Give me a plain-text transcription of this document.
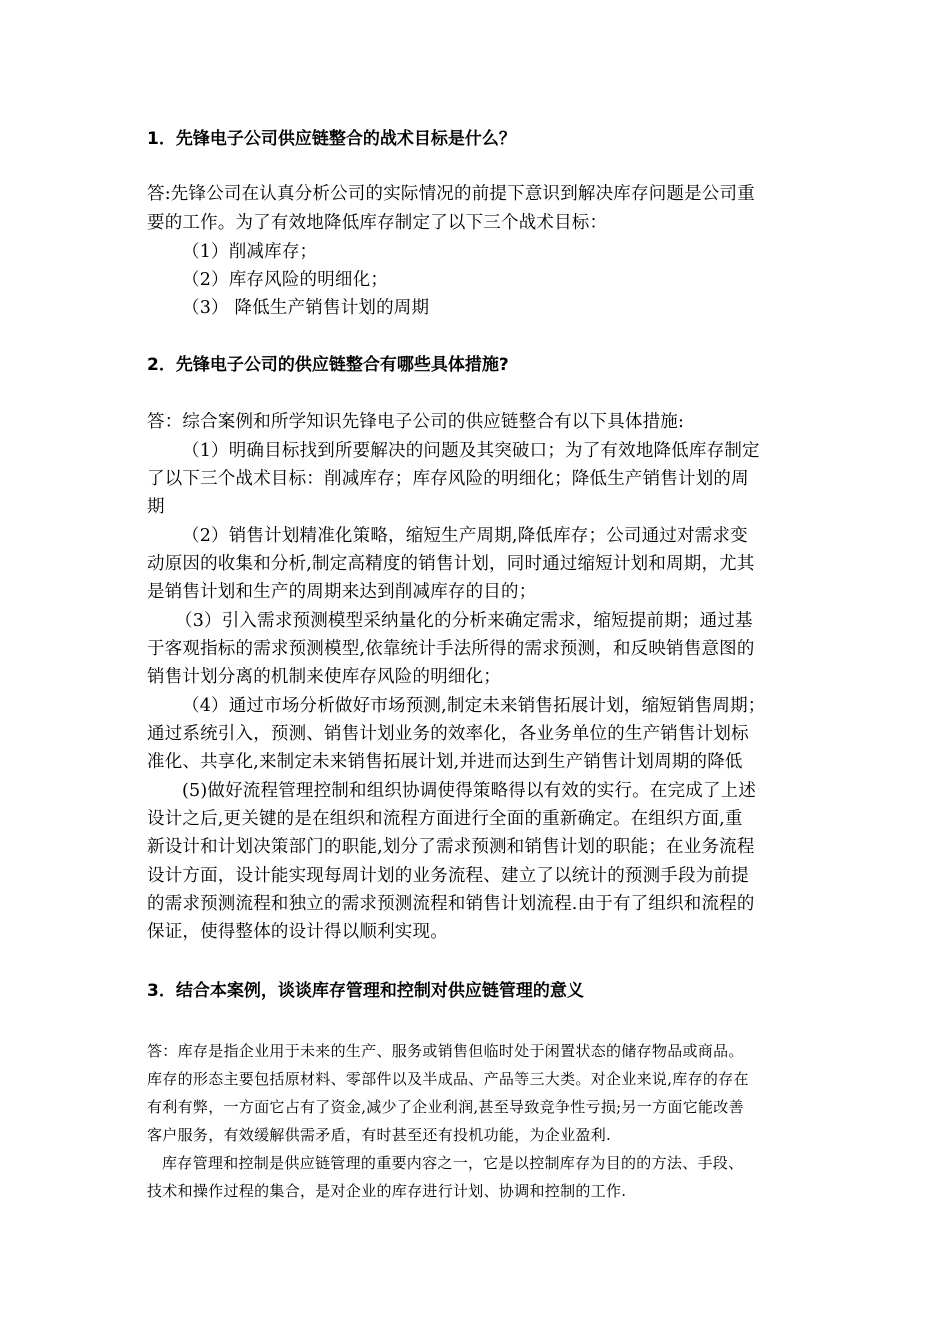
1．先锋电子公司供应链整合的战术目标是什么？
答:先锋公司在认真分析公司的实际情况的前提下意识到解决库存问题是公司重
要的工作。为了有效地降低库存制定了以下三个战术目标：
（1）削减库存；
（2）库存风险的明细化；
（3） 降低生产销售计划的周期
2．先锋电子公司的供应链整合有哪些具体措施?
答：综合案例和所学知识先锋电子公司的供应链整合有以下具体措施:
（1）明确目标找到所要解决的问题及其突破口；为了有效地降低库存制定
了以下三个战术目标：削减库存；库存风险的明细化；降低生产销售计划的周
期
（2）销售计划精准化策略，缩短生产周期,降低库存；公司通过对需求变
动原因的收集和分析,制定高精度的销售计划，同时通过缩短计划和周期，尤其
是销售计划和生产的周期来达到削减库存的目的；
（3）引入需求预测模型采纳量化的分析来确定需求，缩短提前期；通过基
于客观指标的需求预测模型,依靠统计手法所得的需求预测，和反映销售意图的
销售计划分离的机制来使库存风险的明细化；
（4）通过市场分析做好市场预测,制定未来销售拓展计划，缩短销售周期；
通过系统引入，预测、销售计划业务的效率化，各业务单位的生产销售计划标
准化、共享化,来制定未来销售拓展计划,并进而达到生产销售计划周期的降低
(5)做好流程管理控制和组织协调使得策略得以有效的实行。在完成了上述
设计之后,更关键的是在组织和流程方面进行全面的重新确定。在组织方面,重
新设计和计划决策部门的职能,划分了需求预测和销售计划的职能；在业务流程
设计方面，设计能实现每周计划的业务流程、建立了以统计的预测手段为前提
的需求预测流程和独立的需求预测流程和销售计划流程.由于有了组织和流程的
保证，使得整体的设计得以顺利实现。
3．结合本案例，谈谈库存管理和控制对供应链管理的意义
答：库存是指企业用于未来的生产、服务或销售但临时处于闲置状态的储存物品或商品。
库存的形态主要包括原材料、零部件以及半成品、产品等三大类。对企业来说,库存的存在
有利有弊，一方面它占有了资金,减少了企业利润,甚至导致竞争性亏损;另一方面它能改善
客户服务，有效缓解供需矛盾，有时甚至还有投机功能，为企业盈利.
库存管理和控制是供应链管理的重要内容之一，它是以控制库存为目的的方法、手段、
技术和操作过程的集合，是对企业的库存进行计划、协调和控制的工作.
